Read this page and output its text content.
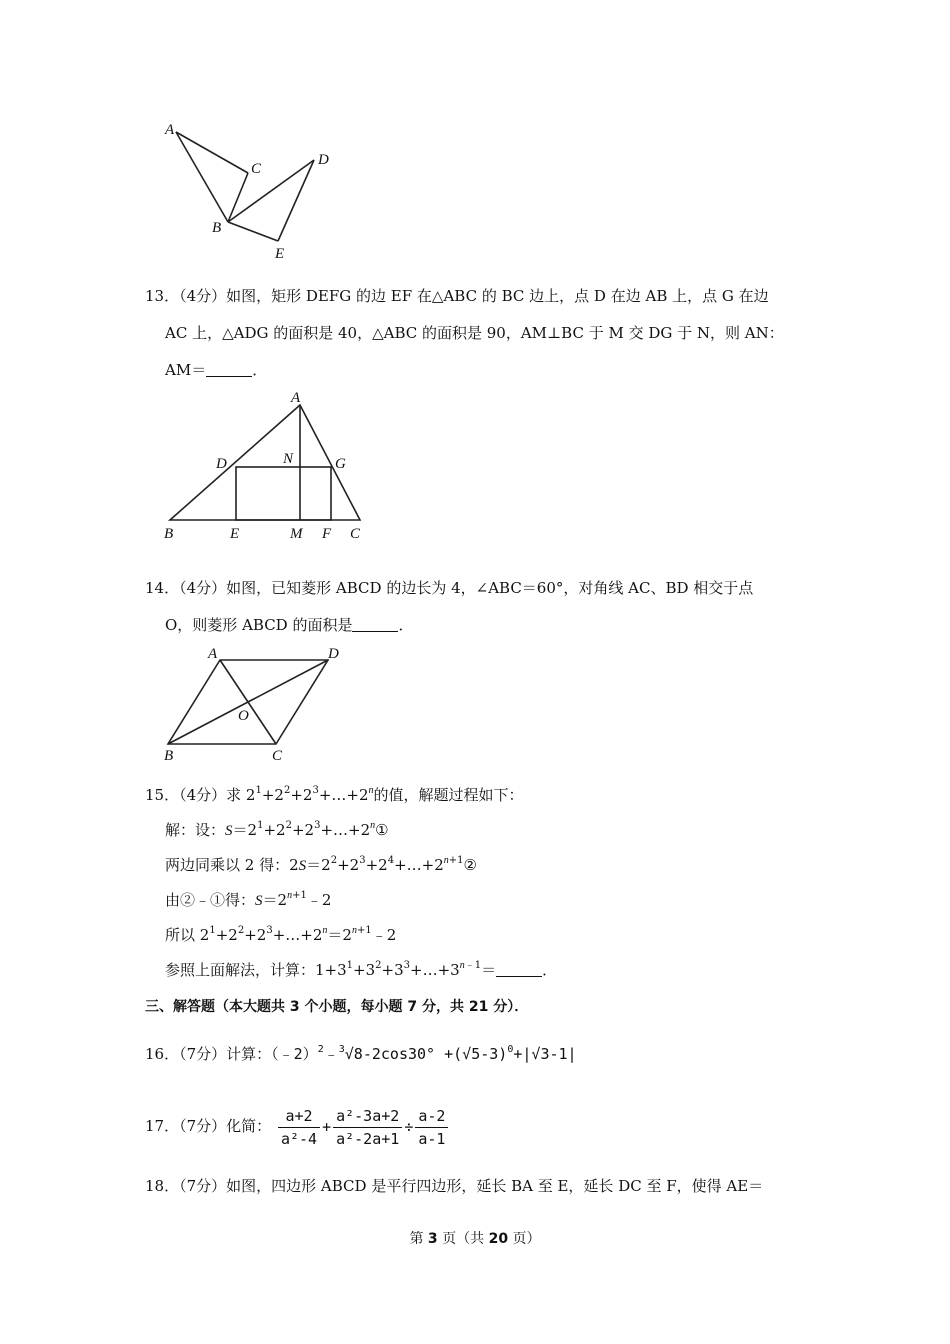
A
C
D
B
E
13．（4分）如图，矩形 DEFG 的边 EF 在△ABC 的 BC 边上，点 D 在边 AB 上，点 G 在边
AC 上，△ADG 的面积是 40，△ABC 的面积是 90，AM⊥BC 于 M 交 DG 于 N，则 AN：
AM＝	．
A
D	N	G
B	E	M F C
14．（4分）如图，已知菱形 ABCD 的边长为 4，∠ABC＝60°，对角线 AC、BD 相交于点
O，则菱形 ABCD 的面积是	．
A	D
O
B	C
15．（4分）求 $2^1+2^2+2^3+\dots+2^n$的值，解题过程如下：
解：设：$S=2^1+2^2+2^3+\dots+2^n①$
两边同乘以 2 得：$2S=2^2+2^3+2^4+\dots+2^{n+1}②$
由②﹣①得：$S=2^{n+1}﹣2$
所以 $2^1+2^2+2^3+\dots+2^n=2^{n+1}﹣2$
参照上面解法，计算：$1+3^1+3^2+3^3+\dots+3^{n﹣1}=$	．
三、解答题（本大题共 3 个小题，每小题 7 分，共 21 分）．
16．（7分）计算：（﹣2）$^2$﹣$^3$√8-2cos30° $+(√5-3)^0+|√3-1|$
17．（7分）化简： $\frac{a+2}{\text{a²-4}} + \frac{\text{a²-3a+2}}{\text{a²-2a+1}} \div \frac{a-2}{a-1}$
18．（7分）如图，四边形 ABCD 是平行四边形，延长 BA 至 E，延长 DC 至 F，使得 AE＝
第 3 页（共 20 页）
